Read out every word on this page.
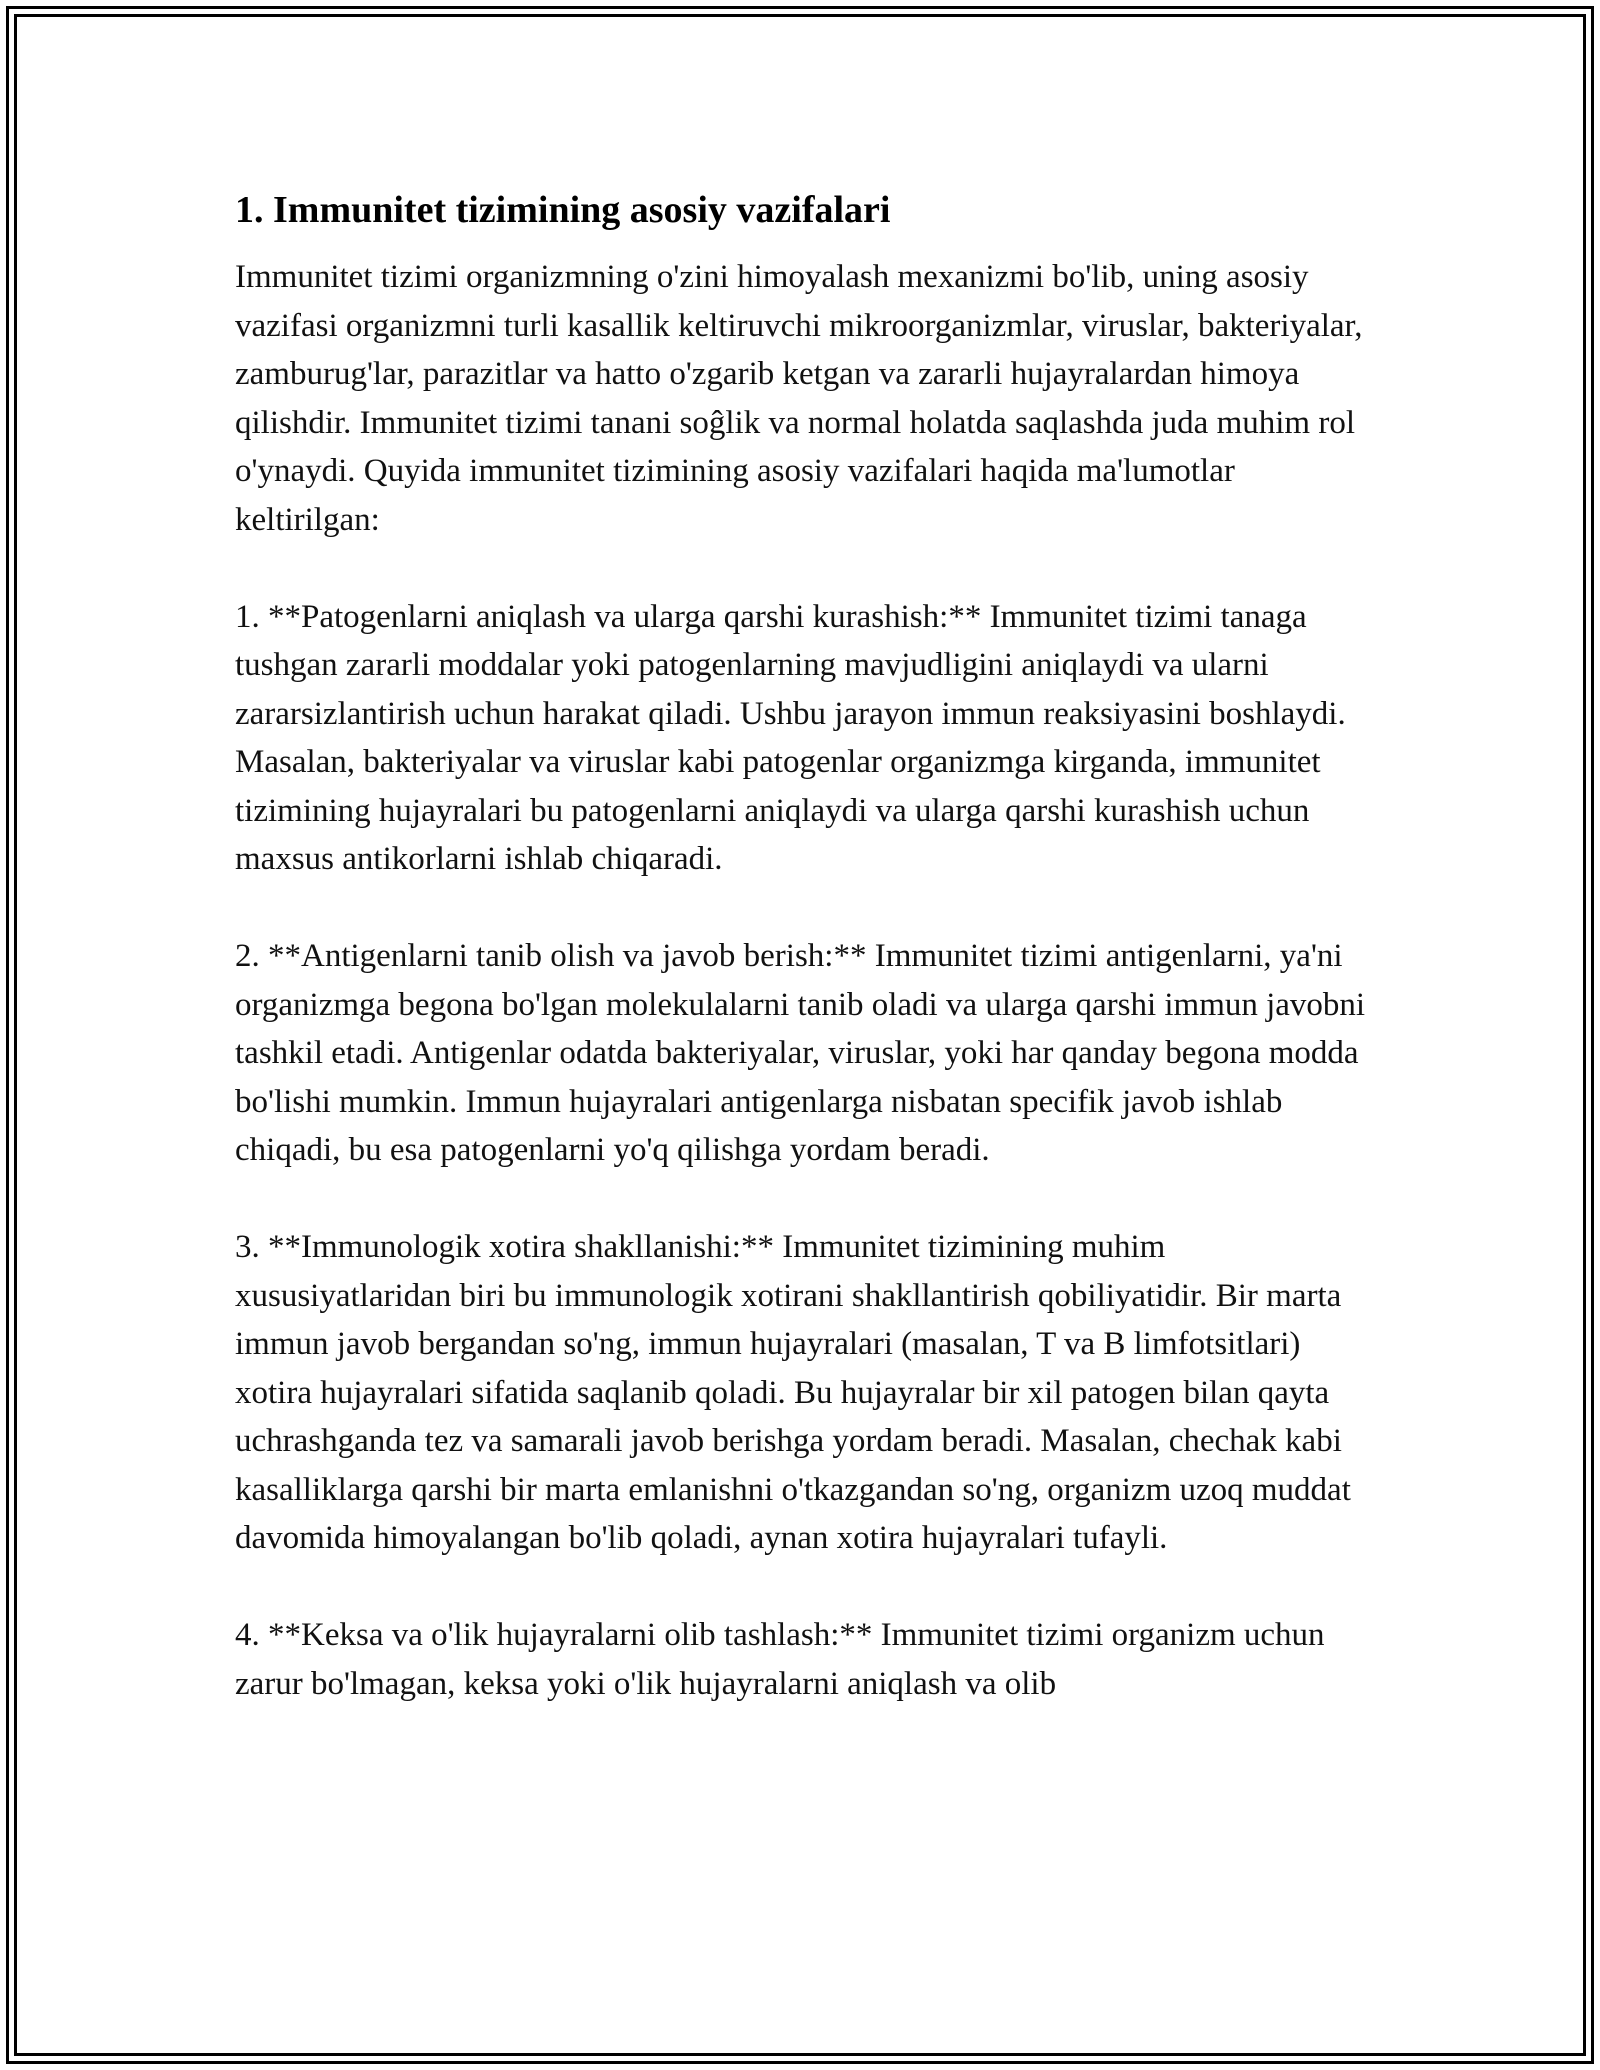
1. Immunitet tizimining asosiy vazifalari

Immunitet tizimi organizmning o'zini himoyalash mexanizmi bo'lib, uning asosiy vazifasi organizmni turli kasallik keltiruvchi mikroorganizmlar, viruslar, bakteriyalar, zamburug'lar, parazitlar va hatto o'zgarib ketgan va zararli hujayralardan himoya qilishdir. Immunitet tizimi tanani soĝlik va normal holatda saqlashda juda muhim rol o'ynaydi. Quyida immunitet tizimining asosiy vazifalari haqida ma'lumotlar keltirilgan:

1. **Patogenlarni aniqlash va ularga qarshi kurashish:** Immunitet tizimi tanaga tushgan zararli moddalar yoki patogenlarning mavjudligini aniqlaydi va ularni zararsizlantirish uchun harakat qiladi. Ushbu jarayon immun reaksiyasini boshlaydi. Masalan, bakteriyalar va viruslar kabi patogenlar organizmga kirganda, immunitet tizimining hujayralari bu patogenlarni aniqlaydi va ularga qarshi kurashish uchun maxsus antikorlarni ishlab chiqaradi.

2. **Antigenlarni tanib olish va javob berish:** Immunitet tizimi antigenlarni, ya'ni organizmga begona bo'lgan molekulalarni tanib oladi va ularga qarshi immun javobni tashkil etadi. Antigenlar odatda bakteriyalar, viruslar, yoki har qanday begona modda bo'lishi mumkin. Immun hujayralari antigenlarga nisbatan specifik javob ishlab chiqadi, bu esa patogenlarni yo'q qilishga yordam beradi.

3. **Immunologik xotira shakllanishi:** Immunitet tizimining muhim xususiyatlaridan biri bu immunologik xotirani shakllantirish qobiliyatidir. Bir marta immun javob bergandan so'ng, immun hujayralari (masalan, T va B limfotsitlari) xotira hujayralari sifatida saqlanib qoladi. Bu hujayralar bir xil patogen bilan qayta uchrashganda tez va samarali javob berishga yordam beradi. Masalan, chechak kabi kasalliklarga qarshi bir marta emlanishni o'tkazgandan so'ng, organizm uzoq muddat davomida himoyalangan bo'lib qoladi, aynan xotira hujayralari tufayli.

4. **Keksa va o'lik hujayralarni olib tashlash:** Immunitet tizimi organizm uchun zarur bo'lmagan, keksa yoki o'lik hujayralarni aniqlash va olib
